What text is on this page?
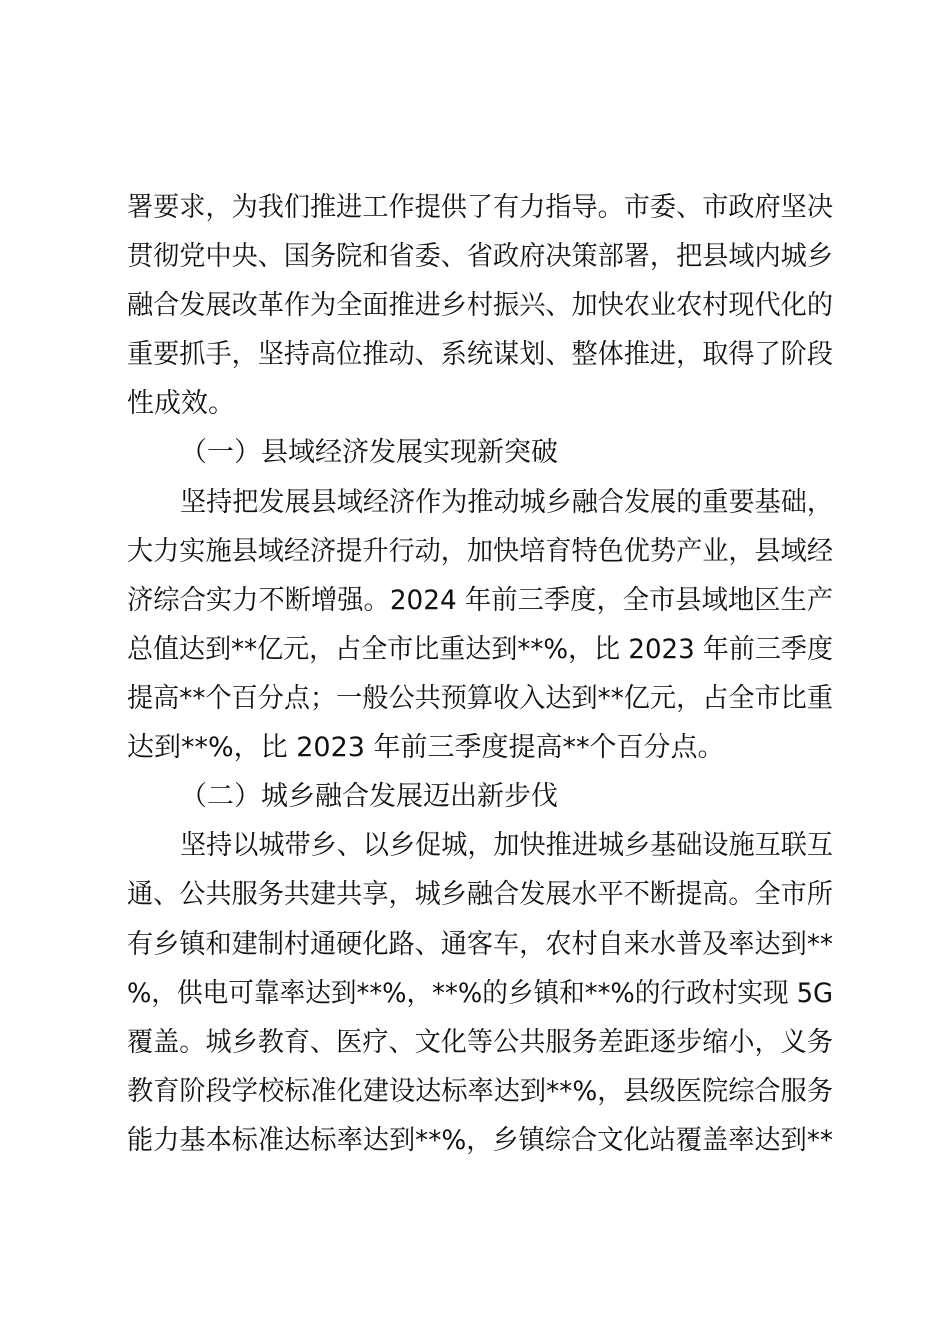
署要求，为我们推进工作提供了有力指导。市委、市政府坚决
贯彻党中央、国务院和省委、省政府决策部署，把县域内城乡
融合发展改革作为全面推进乡村振兴、加快农业农村现代化的
重要抓手，坚持高位推动、系统谋划、整体推进，取得了阶段
性成效。
（一）县域经济发展实现新突破
坚持把发展县域经济作为推动城乡融合发展的重要基础，
大力实施县域经济提升行动，加快培育特色优势产业，县域经
济综合实力不断增强。2024 年前三季度，全市县域地区生产
总值达到**亿元，占全市比重达到**%，比 2023 年前三季度
提高**个百分点；一般公共预算收入达到**亿元，占全市比重
达到**%，比 2023 年前三季度提高**个百分点。
（二）城乡融合发展迈出新步伐
坚持以城带乡、以乡促城，加快推进城乡基础设施互联互
通、公共服务共建共享，城乡融合发展水平不断提高。全市所
有乡镇和建制村通硬化路、通客车，农村自来水普及率达到**
%，供电可靠率达到**%，**%的乡镇和**%的行政村实现 5G
覆盖。城乡教育、医疗、文化等公共服务差距逐步缩小，义务
教育阶段学校标准化建设达标率达到**%，县级医院综合服务
能力基本标准达标率达到**%，乡镇综合文化站覆盖率达到**
